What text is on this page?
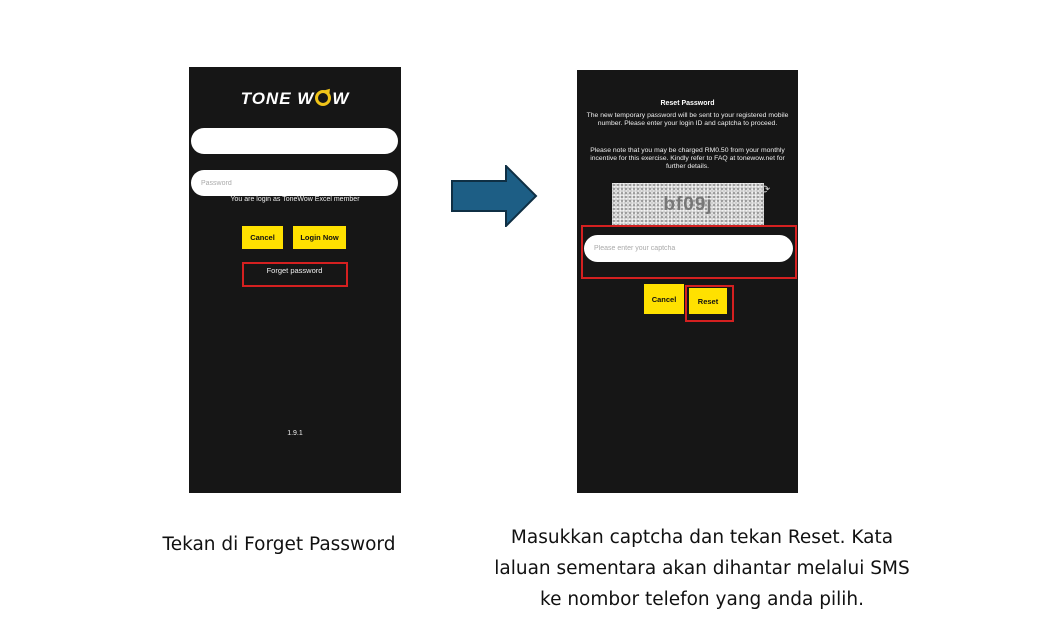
TONE W W
You are login as ToneWow Excel member
Cancel	Login Now
Forget password
1.9.1
Reset Password
The new temporary password will be sent to your registered mobile number. Please enter your login ID and captcha to proceed.
Please note that you may be charged RM0.50 from your monthly incentive for this exercise. Kindly refer to FAQ at tonewow.net for further details.
bf09j
⟳
Please enter your captcha
Cancel	Reset
Tekan di Forget Password	Masukkan captcha dan tekan Reset. Kata
laluan sementara akan dihantar melalui SMS
ke nombor telefon yang anda pilih.
